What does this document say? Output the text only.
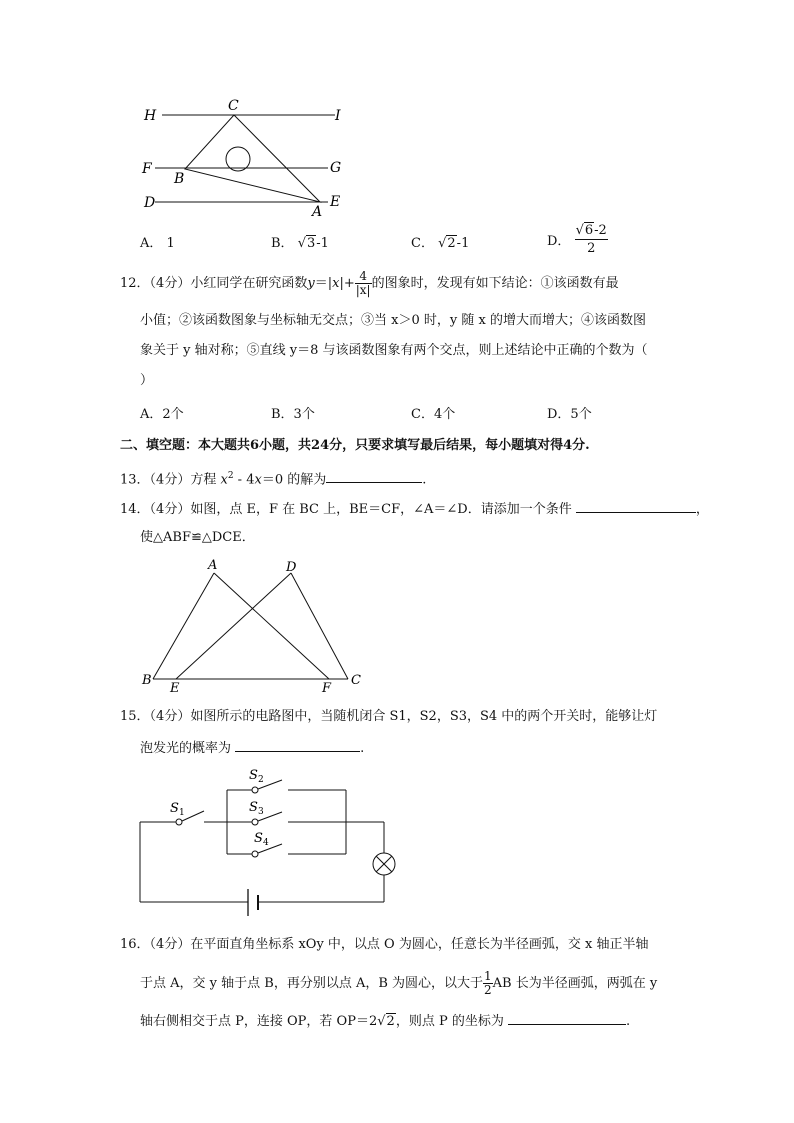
H
C
I
F
B
G
D
A
E
A． 1	B． √3-1	C． √2-1	D． $\frac{√6-2}{2}$
12．（4分）小红同学在研究函数$y=|x|+ \frac{4}{|x|}$ 的图象时，发现有如下结论：①该函数有最
小值；②该函数图象与坐标轴无交点；③当 x＞0 时，y 随 x 的增大而增大；④该函数图
象关于 y 轴对称；⑤直线 y＝8 与该函数图象有两个交点，则上述结论中正确的个数为（
）
A．2个	B．3个	C．4个	D．5个
二、填空题：本大题共6小题，共24分，只要求填写最后结果，每小题填对得4分.
13．（4分）方程 $x^2 - 4x=0$ 的解为	.
14．（4分）如图，点 E，F 在 BC 上，BE＝CF，∠A＝∠D．请添加一个条件	，
使△ABF≌△DCE．
A	D
B
E	F
C
15．（4分）如图所示的电路图中，当随机闭合 S1，S2，S3，S4 中的两个开关时，能够让灯
泡发光的概率为	.
S 1
S 2
S 3
S 4
16．（4分）在平面直角坐标系 xOy 中，以点 O 为圆心，任意长为半径画弧，交 x 轴正半轴
于点 A，交 y 轴于点 B，再分别以点 A，B 为圆心，以大于 $\frac{1}{2}$ AB 长为半径画弧，两弧在 y
轴右侧相交于点 P，连接 OP，若 OP＝2√2，则点 P 的坐标为	.
